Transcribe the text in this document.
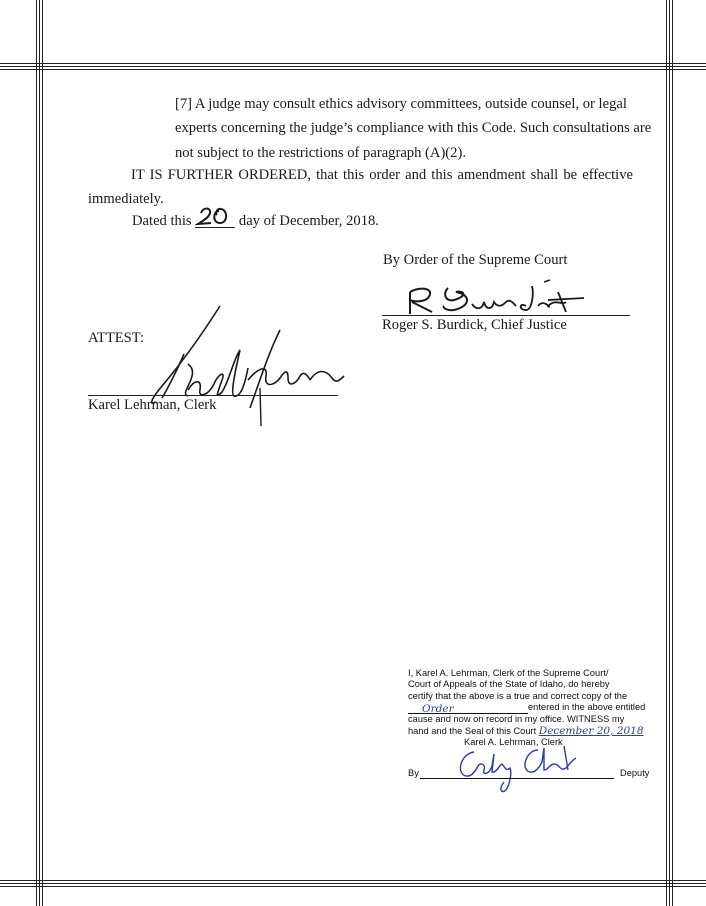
[7] A judge may consult ethics advisory committees, outside counsel, or legal
experts concerning the judge’s compliance with this Code. Such consultations are
not subject to the restrictions of paragraph (A)(2).
IT IS FURTHER ORDERED, that this order and this amendment shall be effective
immediately.
Dated this	day of December, 2018.
By Order of the Supreme Court
Roger S. Burdick, Chief Justice
ATTEST:
Karel Lehrman, Clerk
I, Karel A. Lehrman, Clerk of the Supreme Court/
Court of Appeals of the State of Idaho, do hereby
certify that the above is a true and correct copy of the
Order	entered in the above entitled
cause and now on record in my office. WITNESS my
hand and the Seal of this Court December 20, 2018
Karel A. Lehrman, Clerk
By	Deputy
